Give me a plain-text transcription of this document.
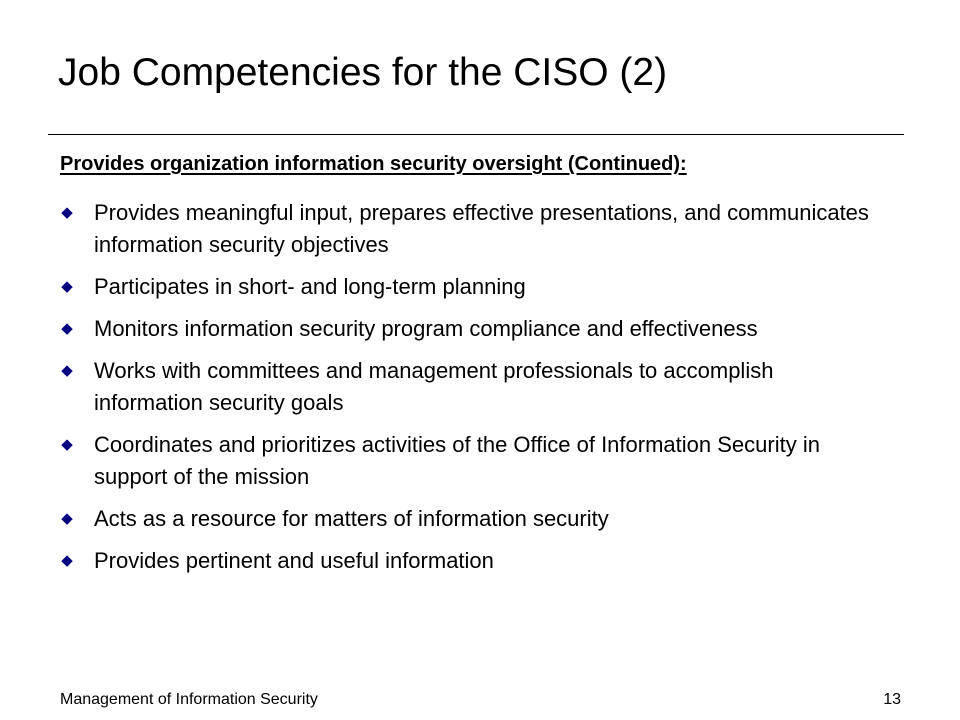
Job Competencies for the CISO (2)
Provides organization information security oversight (Continued):
◆ Provides meaningful input, prepares effective presentations, and communicates information security objectives
◆ Participates in short- and long-term planning
◆ Monitors information security program compliance and effectiveness
◆ Works with committees and management professionals to accomplish information security goals
◆ Coordinates and prioritizes activities of the Office of Information Security in support of the mission
◆ Acts as a resource for matters of information security
◆ Provides pertinent and useful information
Management of Information Security	13
